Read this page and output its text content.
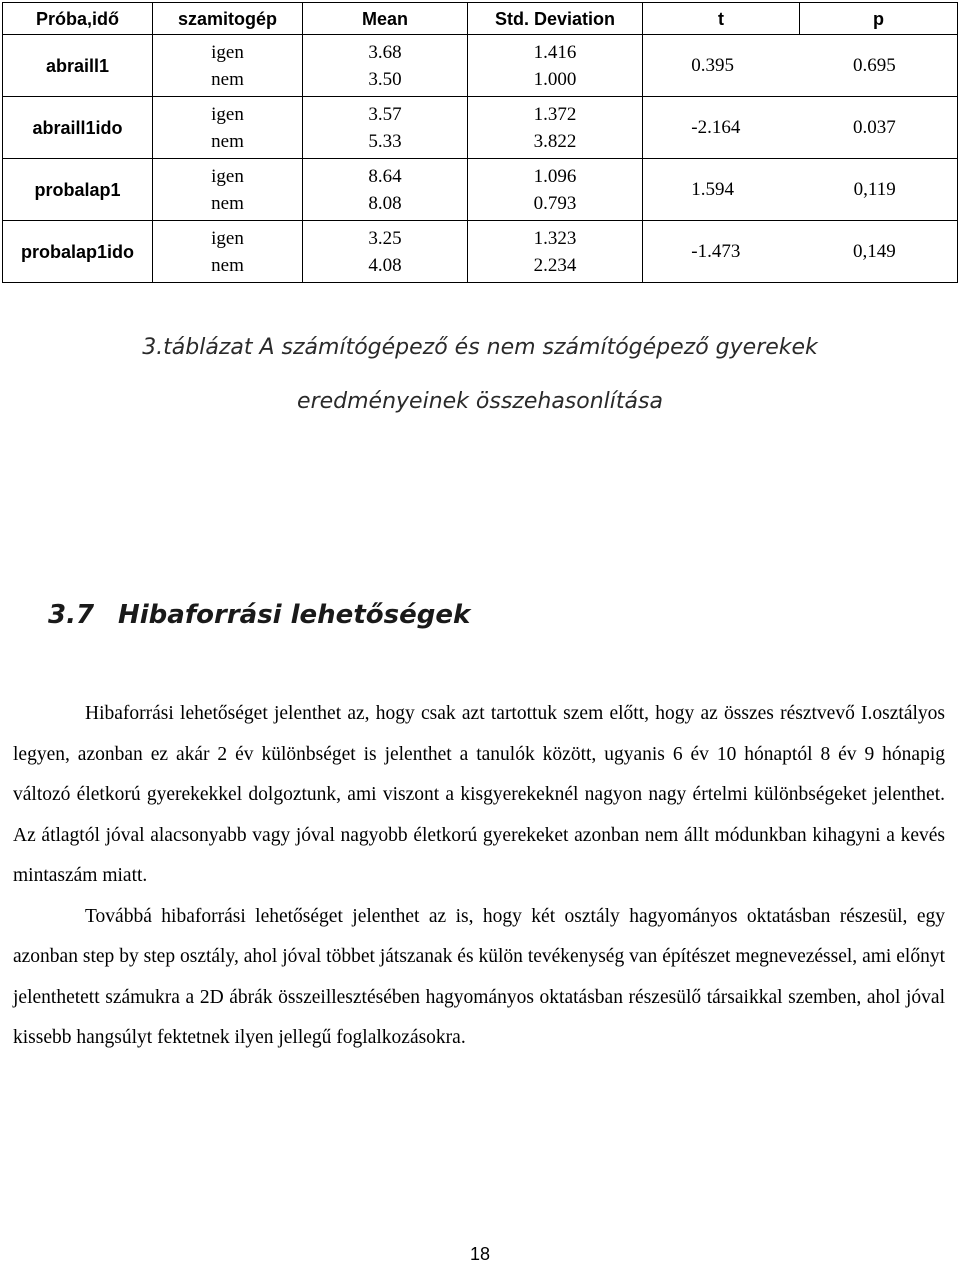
Próba,idő	szamitogép	Mean	Std. Deviation	t	p
abraill1	igen	3.68	1.416	0.395 0.695	
	nem	3.50	1.000		
abraill1ido	igen	3.57	1.372	-2.164 0.037	
	nem	5.33	3.822		
probalap1	igen	8.64	1.096	1.594 0,119	
	nem	8.08	0.793		
probalap1ido	igen	3.25	1.323	-1.473 0,149	
	nem	4.08	2.234		
3.táblázat A számítógépező és nem számítógépező gyerekek
eredményeinek összehasonlítása
3.7 Hibaforrási lehetőségek

Hibaforrási lehetőséget jelenthet az, hogy csak azt tartottuk szem előtt, hogy az összes résztvevő I.osztályos legyen, azonban ez akár 2 év különbséget is jelenthet a tanulók között, ugyanis 6 év 10 hónaptól 8 év 9 hónapig változó életkorú gyerekekkel dolgoztunk, ami viszont a kisgyerekeknél nagyon nagy értelmi különbségeket jelenthet. Az átlagtól jóval alacsonyabb vagy jóval nagyobb életkorú gyerekeket azonban nem állt módunkban kihagyni a kevés mintaszám miatt.

Továbbá hibaforrási lehetőséget jelenthet az is, hogy két osztály hagyományos oktatásban részesül, egy azonban step by step osztály, ahol jóval többet játszanak és külön tevékenység van építészet megnevezéssel, ami előnyt jelenthetett számukra a 2D ábrák összeillesztésében hagyományos oktatásban részesülő társaikkal szemben, ahol jóval kissebb hangsúlyt fektetnek ilyen jellegű foglalkozásokra.

18
